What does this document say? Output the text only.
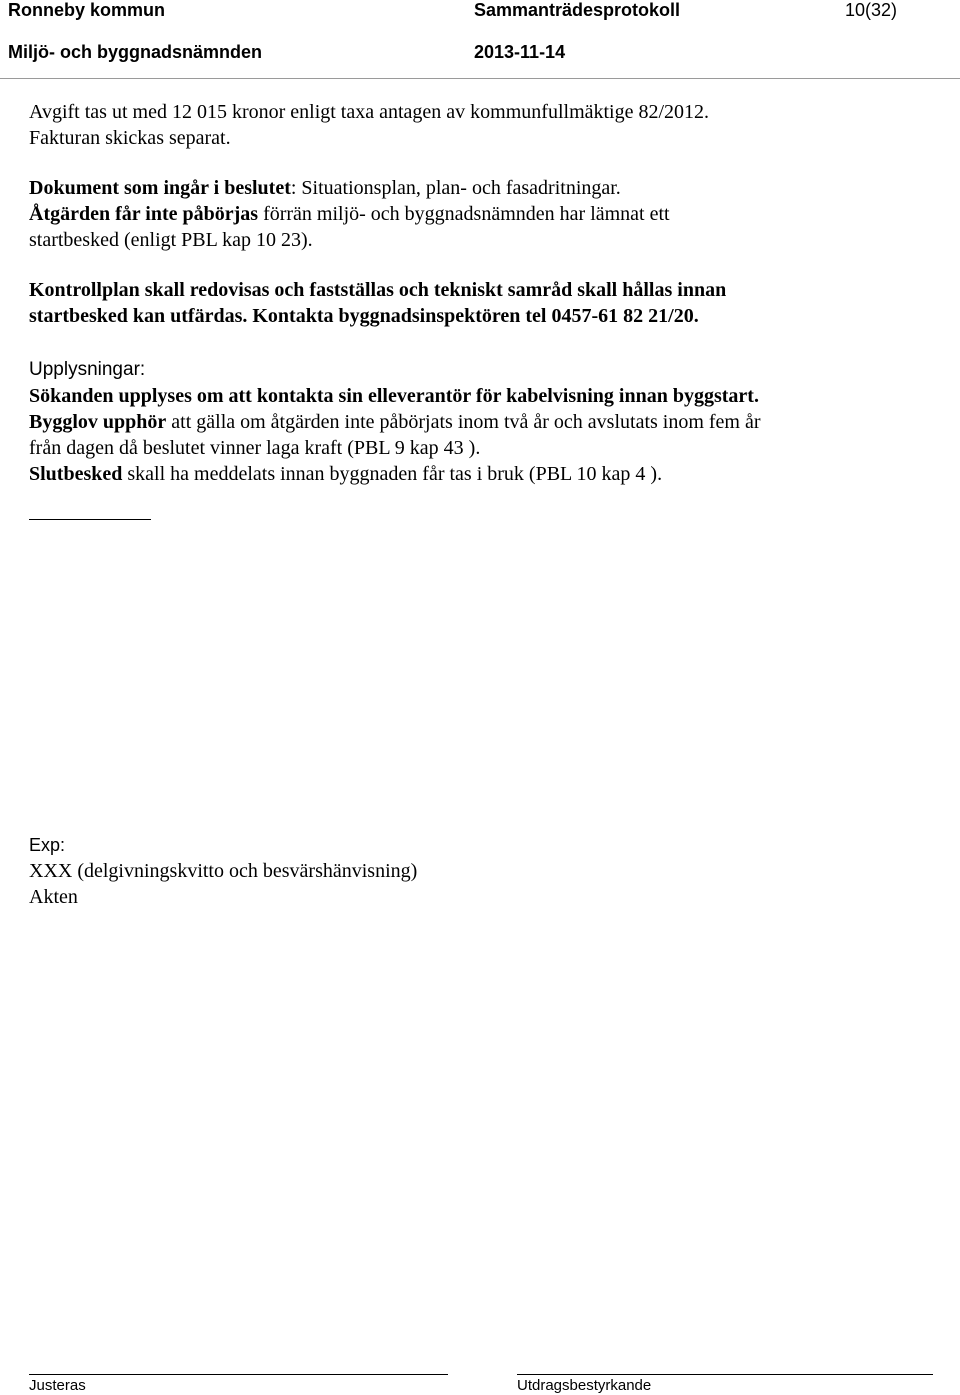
Ronneby kommun	Sammanträdesprotokoll	10(32)
Miljö- och byggnadsnämnden	2013-11-14

Avgift tas ut med 12 015 kronor enligt taxa antagen av kommunfullmäktige 82/2012.

Fakturan skickas separat.

Dokument som ingår i beslutet: Situationsplan, plan- och fasadritningar.

Åtgärden får inte påbörjas förrän miljö- och byggnadsnämnden har lämnat ett

startbesked (enligt PBL kap 10 23).

Kontrollplan skall redovisas och fastställas och tekniskt samråd skall hållas innan

startbesked kan utfärdas. Kontakta byggnadsinspektören tel 0457-61 82 21/20.

Upplysningar:

Sökanden upplyses om att kontakta sin elleverantör för kabelvisning innan byggstart.

Bygglov upphör att gälla om åtgärden inte påbörjats inom två år och avslutats inom fem år

från dagen då beslutet vinner laga kraft (PBL 9 kap 43 ).

Slutbesked skall ha meddelats innan byggnaden får tas i bruk (PBL 10 kap 4 ).

Exp:
XXX (delgivningskvitto och besvärshänvisning)
Akten
Justeras	Utdragsbestyrkande
